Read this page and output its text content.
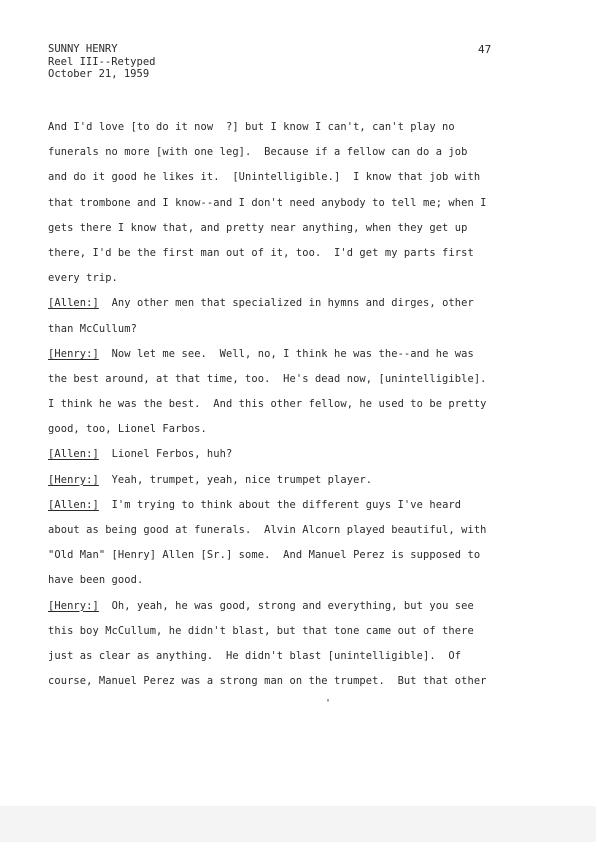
SUNNY HENRY
Reel III--Retyped
October 21, 1959
47
And I'd love [to do it now  ?] but I know I can't, can't play no
funerals no more [with one leg].  Because if a fellow can do a job
and do it good he likes it.  [Unintelligible.]  I know that job with
that trombone and I know--and I don't need anybody to tell me; when I
gets there I know that, and pretty near anything, when they get up
there, I'd be the first man out of it, too.  I'd get my parts first
every trip.
[Allen:]  Any other men that specialized in hymns and dirges, other
than McCullum?
[Henry:]  Now let me see.  Well, no, I think he was the--and he was
the best around, at that time, too.  He's dead now, [unintelligible].
I think he was the best.  And this other fellow, he used to be pretty
good, too, Lionel Farbos.
[Allen:]  Lionel Ferbos, huh?
[Henry:]  Yeah, trumpet, yeah, nice trumpet player.
[Allen:]  I'm trying to think about the different guys I've heard
about as being good at funerals.  Alvin Alcorn played beautiful, with
"Old Man" [Henry] Allen [Sr.] some.  And Manuel Perez is supposed to
have been good.
[Henry:]  Oh, yeah, he was good, strong and everything, but you see
this boy McCullum, he didn't blast, but that tone came out of there
just as clear as anything.  He didn't blast [unintelligible].  Of
course, Manuel Perez was a strong man on the trumpet.  But that other
'
